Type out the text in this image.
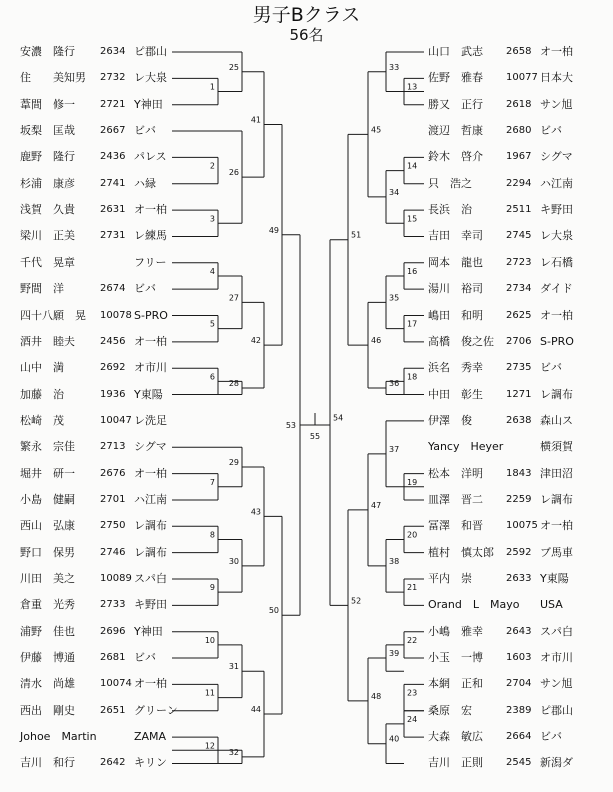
男子Bクラス
56名
安濃　隆行	2634 ピ郡山
住　　美知男	2732 レ大泉
葦間　修一	2721 Y神田
坂梨　匡哉	2667 ビバ
鹿野　隆行	2436 パレス
杉浦　康彦	2741 ハ緑
浅賀　久貴	2631 オ一柏
梁川　正美	2731 レ練馬
千代　晃章	フリー
野間　洋	2674 ビバ
四十八願　晃	10078 S-PRO
酒井　睦夫	2456 オ一柏
山中　満	2692 オ市川
加藤　治	1936 Y東陽
松崎　茂	10047 レ洗足
繁永　宗佳	2713 シグマ
堀井　研一	2676 オ一柏
小島　健嗣	2701 ハ江南
西山　弘康	2750 レ調布
野口　保男	2746 レ調布
川田　美之	10089 スパ白
倉重　光秀	2733 キ野田
浦野　佳也	2696 Y神田
伊藤　博通	2681 ビバ
清水　尚雄	10074 オ一柏
西出　剛史	2651 グリーン
Johoe　Martin	ZAMA
吉川　和行	2642 キリン
山口　武志	2658 オ一柏
佐野　雅春	10077 日本大
勝又　正行	2618 サン旭
渡辺　哲康	2680 ビバ
鈴木　啓介	1967 シグマ
只　浩之	2294 ハ江南
長浜　治	2511 キ野田
吉田　幸司	2745 レ大泉
岡本　龍也	2723 レ石橋
湯川　裕司	2734 ダイド
嶋田　和明	2625 オ一柏
高橋　俊之佐	2706 S-PRO
浜名　秀幸	2735 ビバ
中田　彰生	1271 レ調布
伊澤　俊	2638 森山ス
Yancy　Heyer	横須賀
松本　洋明	1843 津田沼
皿澤　晋二	2259 レ調布
冨澤　和晋	10075 オ一柏
植村　慎太郎	2592 ブ馬車
平内　崇	2633 Y東陽
Orand　L　Mayo USA
小嶋　雅幸	2643 スパ白
小玉　一博	1603 オ市川
本網　正和	2704 サン旭
桑原　宏	2389 ピ郡山
大森　敏広	2664 ビバ
吉川　正則	2545 新潟ダ
1
2
3
4
5
6
7
8
9
10
11
12
25
26
27
28
29
30
31
32
41
42
43
44
49
50
53
13
14
15
16
17
18
19
20
21
22
23
24
33
34
35
36
37
38
39
40
45
46
47
48
51
52
54
55
